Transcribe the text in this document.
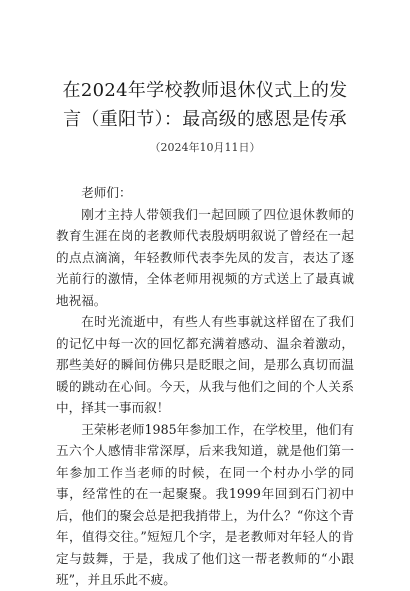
在2024年学校教师退休仪式上的发言（重阳节）：最高级的感恩是传承
（2024年10月11日）
老师们：

刚才主持人带领我们一起回顾了四位退休教师的教育生涯在岗的老教师代表殷炳明叙说了曾经在一起的点点滴滴，年轻教师代表李先凤的发言，表达了逐光前行的激情，全体老师用视频的方式送上了最真诚地祝福。

在时光流逝中，有些人有些事就这样留在了我们的记忆中每一次的回忆都充满着感动、温余着激动，那些美好的瞬间仿佛只是眨眼之间，是那么真切而温暖的跳动在心间。今天，从我与他们之间的个人关系中，择其一事而叙！

王荣彬老师1985年参加工作，在学校里，他们有五六个人感情非常深厚，后来我知道，就是他们第一年参加工作当老师的时候，在同一个村办小学的同事，经常性的在一起聚聚。我1999年回到石门初中后，他们的聚会总是把我捎带上，为什么？“你这个青年，值得交往。”短短几个字，是老教师对年轻人的肯定与鼓舞，于是，我成了他们这一帮老教师的“小跟班”，并且乐此不疲。
